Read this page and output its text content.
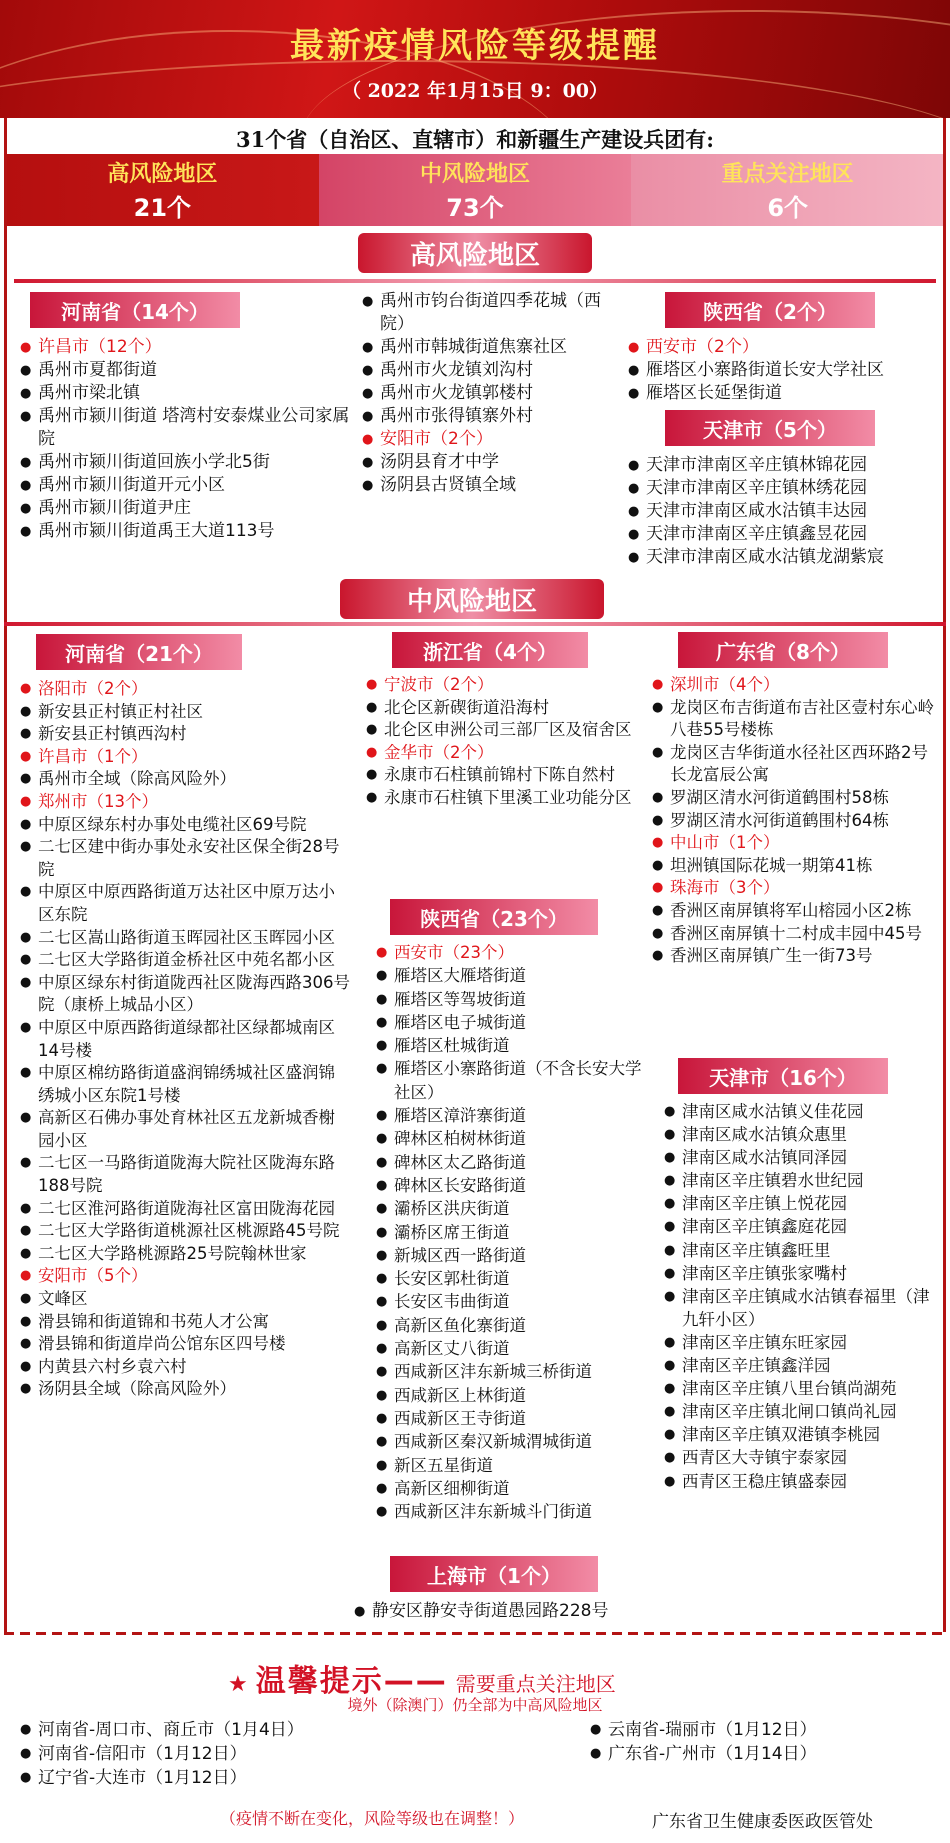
最新疫情风险等级提醒
（ 2022 年1月15日 9：00）
31个省（自治区、直辖市）和新疆生产建设兵团有:
高风险地区
21个
中风险地区
73个
重点关注地区
6个
高风险地区
河南省（14个）
● 许昌市（12个）
● 禹州市夏都街道
● 禹州市梁北镇
● 禹州市颍川街道 塔湾村安泰煤业公司家属院
● 禹州市颍川街道回族小学北5街
● 禹州市颍川街道开元小区
● 禹州市颍川街道尹庄
● 禹州市颍川街道禹王大道113号
● 禹州市钧台街道四季花城（西院）
● 禹州市韩城街道焦寨社区
● 禹州市火龙镇刘沟村
● 禹州市火龙镇郭楼村
● 禹州市张得镇寨外村
● 安阳市（2个）
● 汤阴县育才中学
● 汤阴县古贤镇全域
陕西省（2个）
● 西安市（2个）
● 雁塔区小寨路街道长安大学社区
● 雁塔区长延堡街道
天津市（5个）
● 天津市津南区辛庄镇林锦花园
● 天津市津南区辛庄镇林绣花园
● 天津市津南区咸水沽镇丰达园
● 天津市津南区辛庄镇鑫昱花园
● 天津市津南区咸水沽镇龙湖紫宸
中风险地区
河南省（21个）
● 洛阳市（2个）
● 新安县正村镇正村社区
● 新安县正村镇西沟村
● 许昌市（1个）
● 禹州市全域（除高风险外）
● 郑州市（13个）
● 中原区绿东村办事处电缆社区69号院
● 二七区建中街办事处永安社区保全街28号院
● 中原区中原西路街道万达社区中原万达小区东院
● 二七区嵩山路街道玉晖园社区玉晖园小区
● 二七区大学路街道金桥社区中苑名都小区
● 中原区绿东村街道陇西社区陇海西路306号院（康桥上城品小区）
● 中原区中原西路街道绿都社区绿都城南区14号楼
● 中原区棉纺路街道盛润锦绣城社区盛润锦绣城小区东院1号楼
● 高新区石佛办事处育林社区五龙新城香榭园小区
● 二七区一马路街道陇海大院社区陇海东路188号院
● 二七区淮河路街道陇海社区富田陇海花园
● 二七区大学路街道桃源社区桃源路45号院
● 二七区大学路桃源路25号院翰林世家
● 安阳市（5个）
● 文峰区
● 滑县锦和街道锦和书苑人才公寓
● 滑县锦和街道岸尚公馆东区四号楼
● 内黄县六村乡袁六村
● 汤阴县全域（除高风险外）
浙江省（4个）
● 宁波市（2个）
● 北仑区新碶街道沿海村
● 北仑区申洲公司三部厂区及宿舍区
● 金华市（2个）
● 永康市石柱镇前锦村下陈自然村
● 永康市石柱镇下里溪工业功能分区
陕西省（23个）
● 西安市（23个）
● 雁塔区大雁塔街道
● 雁塔区等驾坡街道
● 雁塔区电子城街道
● 雁塔区杜城街道
● 雁塔区小寨路街道（不含长安大学社区）
● 雁塔区漳浒寨街道
● 碑林区柏树林街道
● 碑林区太乙路街道
● 碑林区长安路街道
● 灞桥区洪庆街道
● 灞桥区席王街道
● 新城区西一路街道
● 长安区郭杜街道
● 长安区韦曲街道
● 高新区鱼化寨街道
● 高新区丈八街道
● 西咸新区沣东新城三桥街道
● 西咸新区上林街道
● 西咸新区王寺街道
● 西咸新区秦汉新城渭城街道
● 新区五星街道
● 高新区细柳街道
● 西咸新区沣东新城斗门街道
上海市（1个）
● 静安区静安寺街道愚园路228号
广东省（8个）
● 深圳市（4个）
● 龙岗区布吉街道布吉社区壹村东心岭八巷55号楼栋
● 龙岗区吉华街道水径社区西环路2号长龙富辰公寓
● 罗湖区清水河街道鹤围村58栋
● 罗湖区清水河街道鹤围村64栋
● 中山市（1个）
● 坦洲镇国际花城一期第41栋
● 珠海市（3个）
● 香洲区南屏镇将军山榕园小区2栋
● 香洲区南屏镇十二村成丰园中45号
● 香洲区南屏镇广生一街73号
天津市（16个）
● 津南区咸水沽镇义佳花园
● 津南区咸水沽镇众惠里
● 津南区咸水沽镇同泽园
● 津南区辛庄镇碧水世纪园
● 津南区辛庄镇上悦花园
● 津南区辛庄镇鑫庭花园
● 津南区辛庄镇鑫旺里
● 津南区辛庄镇张家嘴村
● 津南区辛庄镇咸水沽镇春福里（津九轩小区）
● 津南区辛庄镇东旺家园
● 津南区辛庄镇鑫洋园
● 津南区辛庄镇八里台镇尚湖苑
● 津南区辛庄镇北闸口镇尚礼园
● 津南区辛庄镇双港镇李桃园
● 西青区大寺镇宇泰家园
● 西青区王稳庄镇盛泰园
★ 温馨提示—— 需要重点关注地区
境外（除澳门）仍全部为中高风险地区
● 河南省-周口市、商丘市（1月4日）
● 河南省-信阳市（1月12日）
● 辽宁省-大连市（1月12日）
● 云南省-瑞丽市（1月12日）
● 广东省-广州市（1月14日）
（疫情不断在变化，风险等级也在调整！）	广东省卫生健康委医政医管处
